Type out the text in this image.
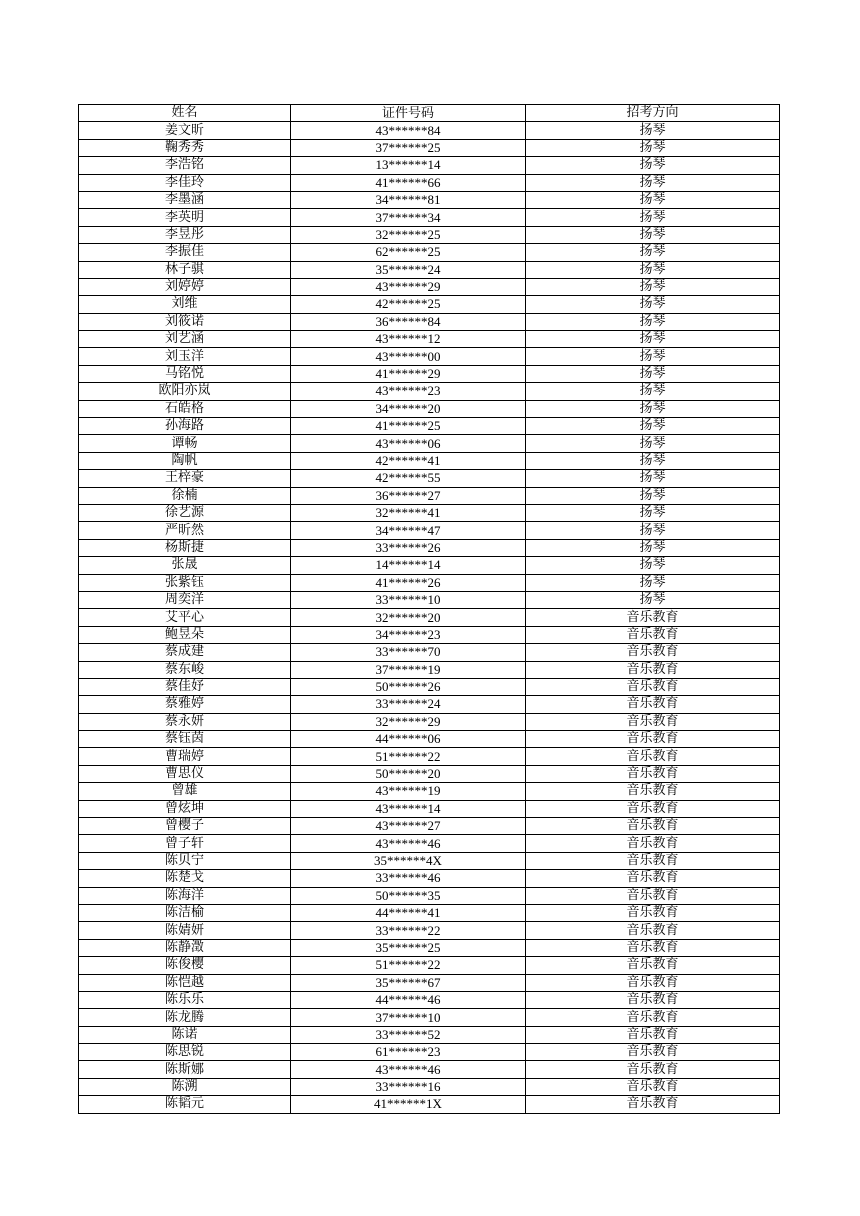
姓名	证件号码	招考方向
姜文昕	43******84	扬琴
鞠秀秀	37******25	扬琴
李浩铭	13******14	扬琴
李佳玲	41******66	扬琴
李墨涵	34******81	扬琴
李英明	37******34	扬琴
李昱彤	32******25	扬琴
李振佳	62******25	扬琴
林子骐	35******24	扬琴
刘婷婷	43******29	扬琴
刘维	42******25	扬琴
刘筱诺	36******84	扬琴
刘艺涵	43******12	扬琴
刘玉洋	43******00	扬琴
马铭悦	41******29	扬琴
欧阳亦岚	43******23	扬琴
石皓格	34******20	扬琴
孙海路	41******25	扬琴
谭畅	43******06	扬琴
陶帆	42******41	扬琴
王梓豪	42******55	扬琴
徐楠	36******27	扬琴
徐艺源	32******41	扬琴
严昕然	34******47	扬琴
杨斯捷	33******26	扬琴
张晟	14******14	扬琴
张紫钰	41******26	扬琴
周奕洋	33******10	扬琴
艾平心	32******20	音乐教育
鲍昱朵	34******23	音乐教育
蔡成建	33******70	音乐教育
蔡东峻	37******19	音乐教育
蔡佳妤	50******26	音乐教育
蔡雅婷	33******24	音乐教育
蔡永妍	32******29	音乐教育
蔡钰茵	44******06	音乐教育
曹瑞婷	51******22	音乐教育
曹思仪	50******20	音乐教育
曾雄	43******19	音乐教育
曾炫坤	43******14	音乐教育
曾樱子	43******27	音乐教育
曾子轩	43******46	音乐教育
陈贝宁	35******4X	音乐教育
陈楚戈	33******46	音乐教育
陈海洋	50******35	音乐教育
陈洁榆	44******41	音乐教育
陈婧妍	33******22	音乐教育
陈静澂	35******25	音乐教育
陈俊樱	51******22	音乐教育
陈恺越	35******67	音乐教育
陈乐乐	44******46	音乐教育
陈龙腾	37******10	音乐教育
陈诺	33******52	音乐教育
陈思锐	61******23	音乐教育
陈斯娜	43******46	音乐教育
陈溯	33******16	音乐教育
陈韬元	41******1X	音乐教育
